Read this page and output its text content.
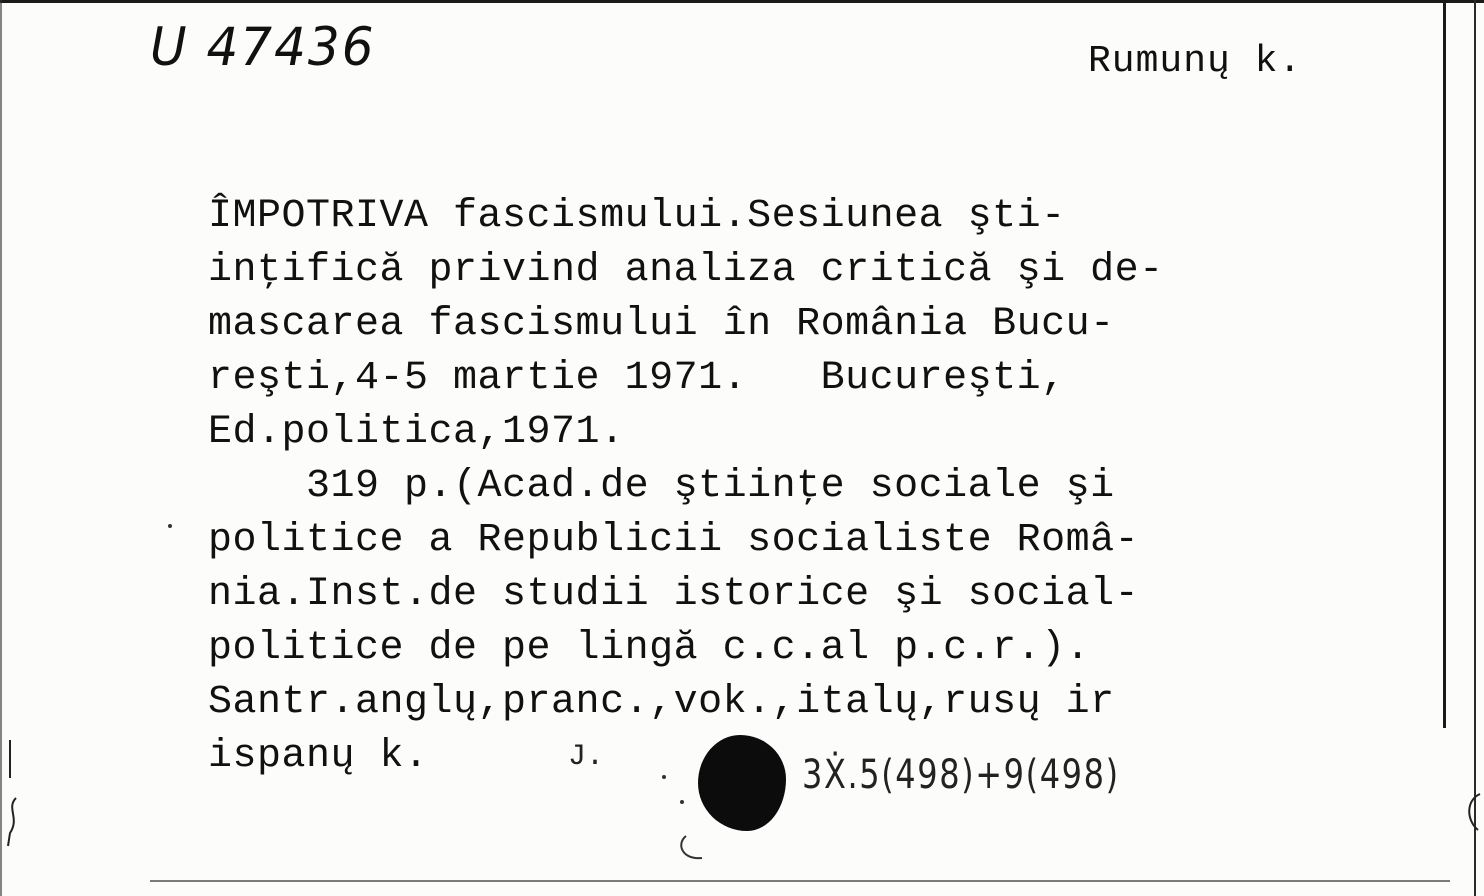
U 47436	Rumunų k.
ÎMPOTRIVA fascismului.Sesiunea şti-
inţifică privind analiza critică şi de-
mascarea fascismului în România Bucu-
reşti,4-5 martie 1971.   Bucureşti,
Ed.politica,1971.
319 p.(Acad.de ştiinţe sociale şi
politice a Republicii socialiste Româ-
nia.Inst.de studii istorice şi social-
politice de pe lingă c.c.al p.c.r.).
Santr.anglų,pranc.,vok.,italų,rusų ir
ispanų k.	J.	3Ẋ.5(498)+9(498)
